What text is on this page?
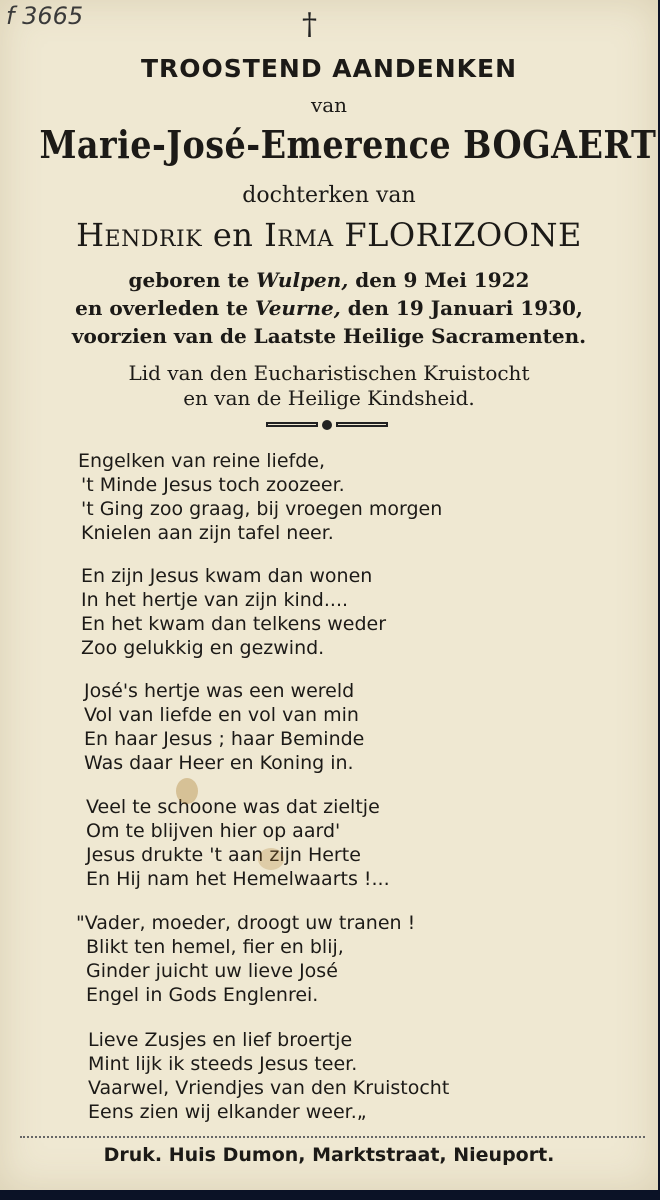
f 3665	†
TROOSTEND AANDENKEN
van
Marie-José-Emerence BOGAERT
dochterken van
Hendrik en Irma FLORIZOONE
geboren te Wulpen, den 9 Mei 1922
en overleden te Veurne, den 19 Januari 1930,
voorzien van de Laatste Heilige Sacramenten.
Lid van den Eucharistischen Kruistocht
en van de Heilige Kindsheid.
Engelken van reine liefde,
't Minde Jesus toch zoozeer.
't Ging zoo graag, bij vroegen morgen
Knielen aan zijn tafel neer.
En zijn Jesus kwam dan wonen
In het hertje van zijn kind....
En het kwam dan telkens weder
Zoo gelukkig en gezwind.
José's hertje was een wereld
Vol van liefde en vol van min
En haar Jesus ; haar Beminde
Was daar Heer en Koning in.
Veel te schoone was dat zieltje
Om te blijven hier op aard'
Jesus drukte 't aan zijn Herte
En Hij nam het Hemelwaarts !...
"Vader, moeder, droogt uw tranen !
Blikt ten hemel, fier en blij,
Ginder juicht uw lieve José
Engel in Gods Englenrei.
Lieve Zusjes en lief broertje
Mint lijk ik steeds Jesus teer.
Vaarwel, Vriendjes van den Kruistocht
Eens zien wij elkander weer.„
Druk. Huis Dumon, Marktstraat, Nieuport.
